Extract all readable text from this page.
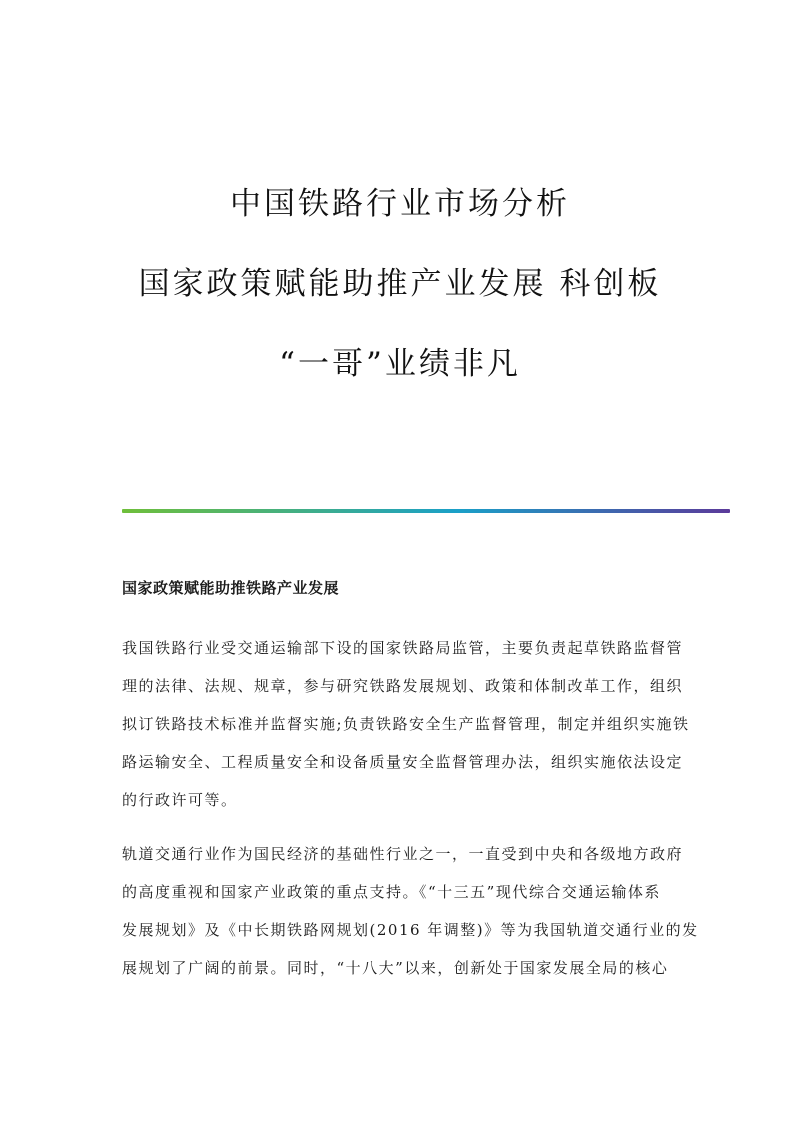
中国铁路行业市场分析

国家政策赋能助推产业发展 科创板

“一哥”业绩非凡

国家政策赋能助推铁路产业发展

我国铁路行业受交通运输部下设的国家铁路局监管，主要负责起草铁路监督管
理的法律、法规、规章，参与研究铁路发展规划、政策和体制改革工作，组织
拟订铁路技术标准并监督实施;负责铁路安全生产监督管理，制定并组织实施铁
路运输安全、工程质量安全和设备质量安全监督管理办法，组织实施依法设定
的行政许可等。
轨道交通行业作为国民经济的基础性行业之一，一直受到中央和各级地方政府
的高度重视和国家产业政策的重点支持。《“十三五”现代综合交通运输体系
发展规划》及《中长期铁路网规划(2016 年调整)》等为我国轨道交通行业的发
展规划了广阔的前景。同时，“十八大”以来，创新处于国家发展全局的核心
